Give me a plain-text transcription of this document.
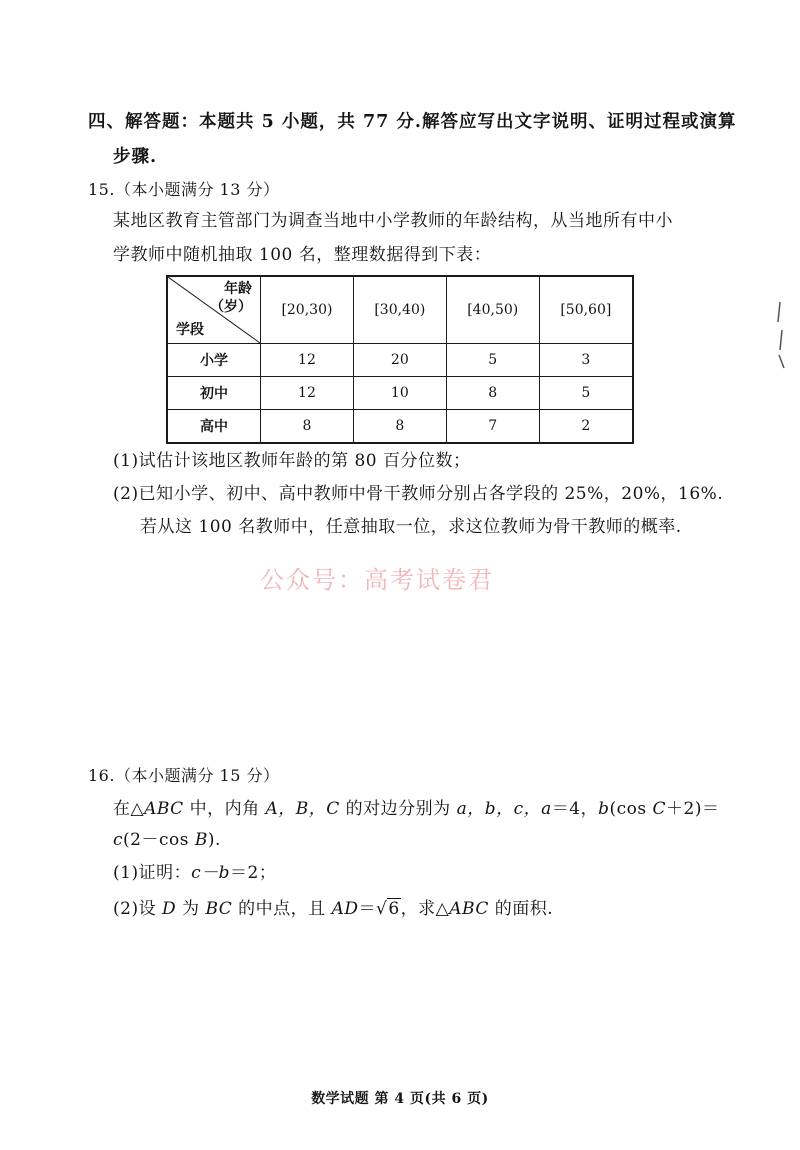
四、解答题：本题共 5 小题，共 77 分.解答应写出文字说明、证明过程或演算
步骤.
15.（本小题满分 13 分）
某地区教育主管部门为调查当地中小学教师的年龄结构，从当地所有中小
学教师中随机抽取 100 名，整理数据得到下表：
年龄
（岁）
学段	[20,30)	[30,40)	[40,50)	[50,60]
小学	12	20	5	3
初中	12	10	8	5
高中	8	8	7	2
(1)试估计该地区教师年龄的第 80 百分位数；
(2)已知小学、初中、高中教师中骨干教师分别占各学段的 25%，20%，16%.
若从这 100 名教师中，任意抽取一位，求这位教师为骨干教师的概率.
公众号：高考试卷君
16.（本小题满分 15 分）
在△ABC 中，内角 A，B，C 的对边分别为 a，b，c，a＝4，b(cos C＋2)＝
c(2－cos B).
(1)证明：c－b＝2；
(2)设 D 为 BC 的中点，且 AD＝√6，求△ABC 的面积.
数学试题 第 4 页(共 6 页)
